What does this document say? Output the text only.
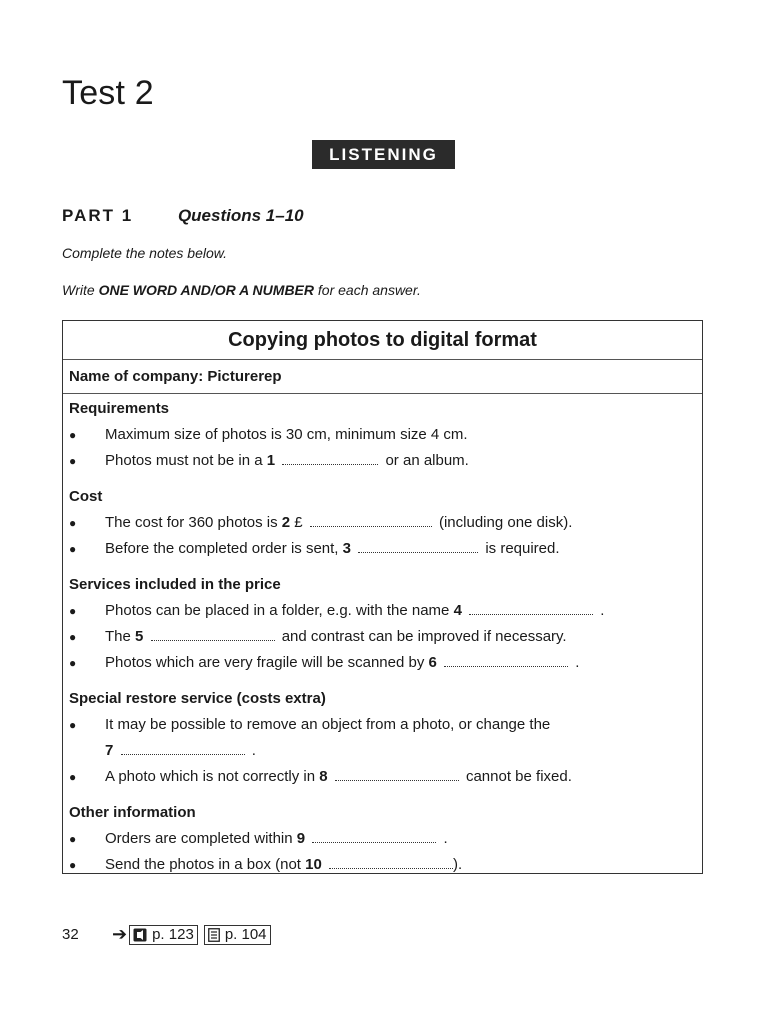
Test 2
LISTENING
PART 1	Questions 1–10

Complete the notes below.

Write ONE WORD AND/OR A NUMBER for each answer.

Copying photos to digital format
Name of company: Picturerep
Requirements
● Maximum size of photos is 30 cm, minimum size 4 cm.
● Photos must not be in a 1	or an album.
Cost
● The cost for 360 photos is 2 £	(including one disk).
● Before the completed order is sent, 3	is required.
Services included in the price
● Photos can be placed in a folder, e.g. with the name 4	.
● The 5	and contrast can be improved if necessary.
● Photos which are very fragile will be scanned by 6	.
Special restore service (costs extra)
● It may be possible to remove an object from a photo, or change the
7	.
● A photo which is not correctly in 8	cannot be fixed.
Other information
● Orders are completed within 9	.
● Send the photos in a box (not 10	).
32	➔ p. 123 p. 104
